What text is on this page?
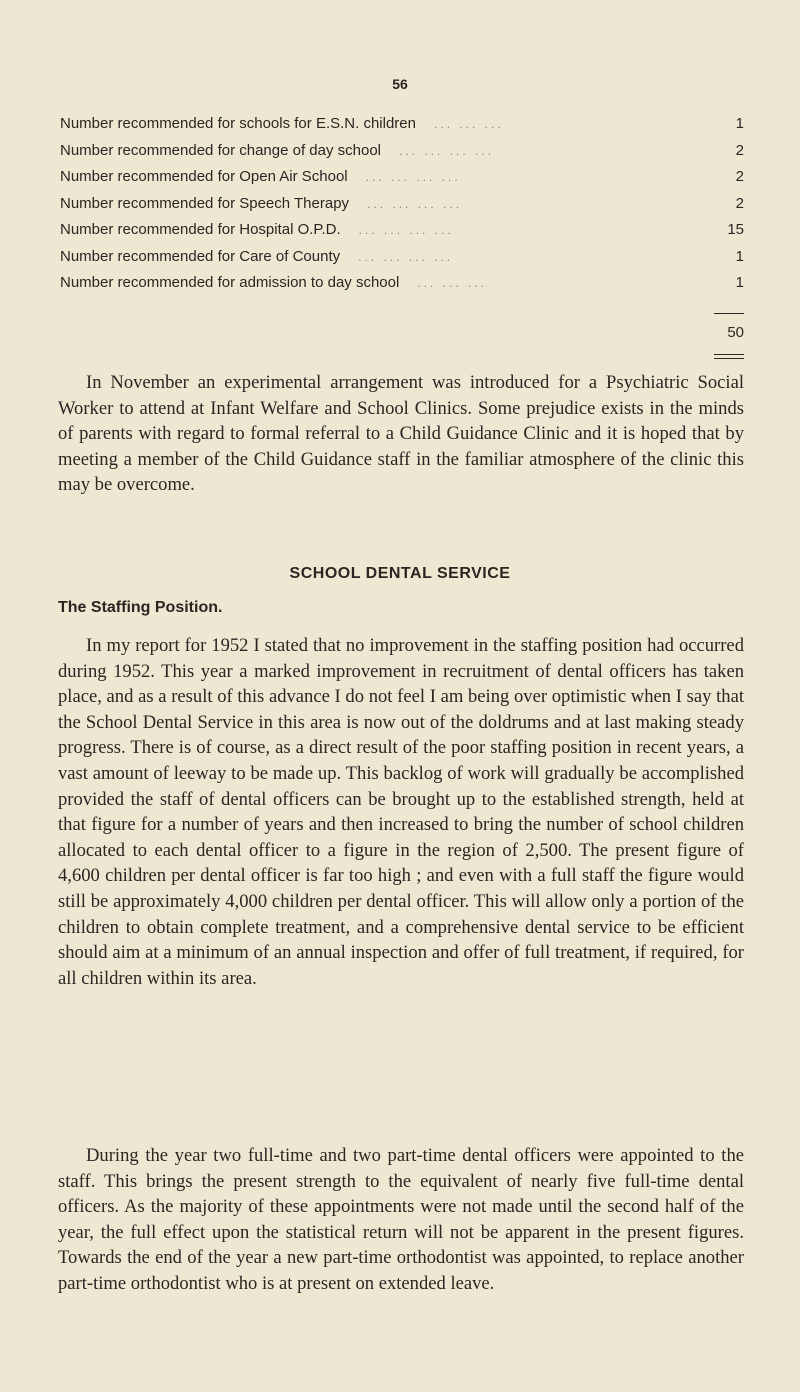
56
Number recommended for schools for E.S.N. children ... ... ...	1
Number recommended for change of day school ... ... ... ...	2
Number recommended for Open Air School ... ... ... ...	2
Number recommended for Speech Therapy ... ... ... ...	2
Number recommended for Hospital O.P.D. ... ... ... ...	15
Number recommended for Care of County ... ... ... ...	1
Number recommended for admission to day school ... ... ...	1
50

In November an experimental arrangement was introduced for a Psychiatric Social Worker to attend at Infant Welfare and School Clinics. Some prejudice exists in the minds of parents with regard to formal referral to a Child Guidance Clinic and it is hoped that by meeting a member of the Child Guidance staff in the familiar atmosphere of the clinic this may be overcome.

SCHOOL DENTAL SERVICE
The Staffing Position.

In my report for 1952 I stated that no improvement in the staffing position had occurred during 1952. This year a marked improvement in recruitment of dental officers has taken place, and as a result of this advance I do not feel I am being over optimistic when I say that the School Dental Service in this area is now out of the doldrums and at last making steady progress. There is of course, as a direct result of the poor staffing position in recent years, a vast amount of leeway to be made up. This backlog of work will gradually be accomplished provided the staff of dental officers can be brought up to the established strength, held at that figure for a number of years and then increased to bring the number of school children allocated to each dental officer to a figure in the region of 2,500. The present figure of 4,600 children per dental officer is far too high ; and even with a full staff the figure would still be approximately 4,000 children per dental officer. This will allow only a portion of the children to obtain complete treatment, and a comprehensive dental service to be efficient should aim at a minimum of an annual inspection and offer of full treatment, if required, for all children within its area.

During the year two full-time and two part-time dental officers were appointed to the staff. This brings the present strength to the equivalent of nearly five full-time dental officers. As the majority of these appointments were not made until the second half of the year, the full effect upon the statistical return will not be apparent in the present figures. Towards the end of the year a new part-time orthodontist was appointed, to replace another part-time orthodontist who is at present on extended leave.
